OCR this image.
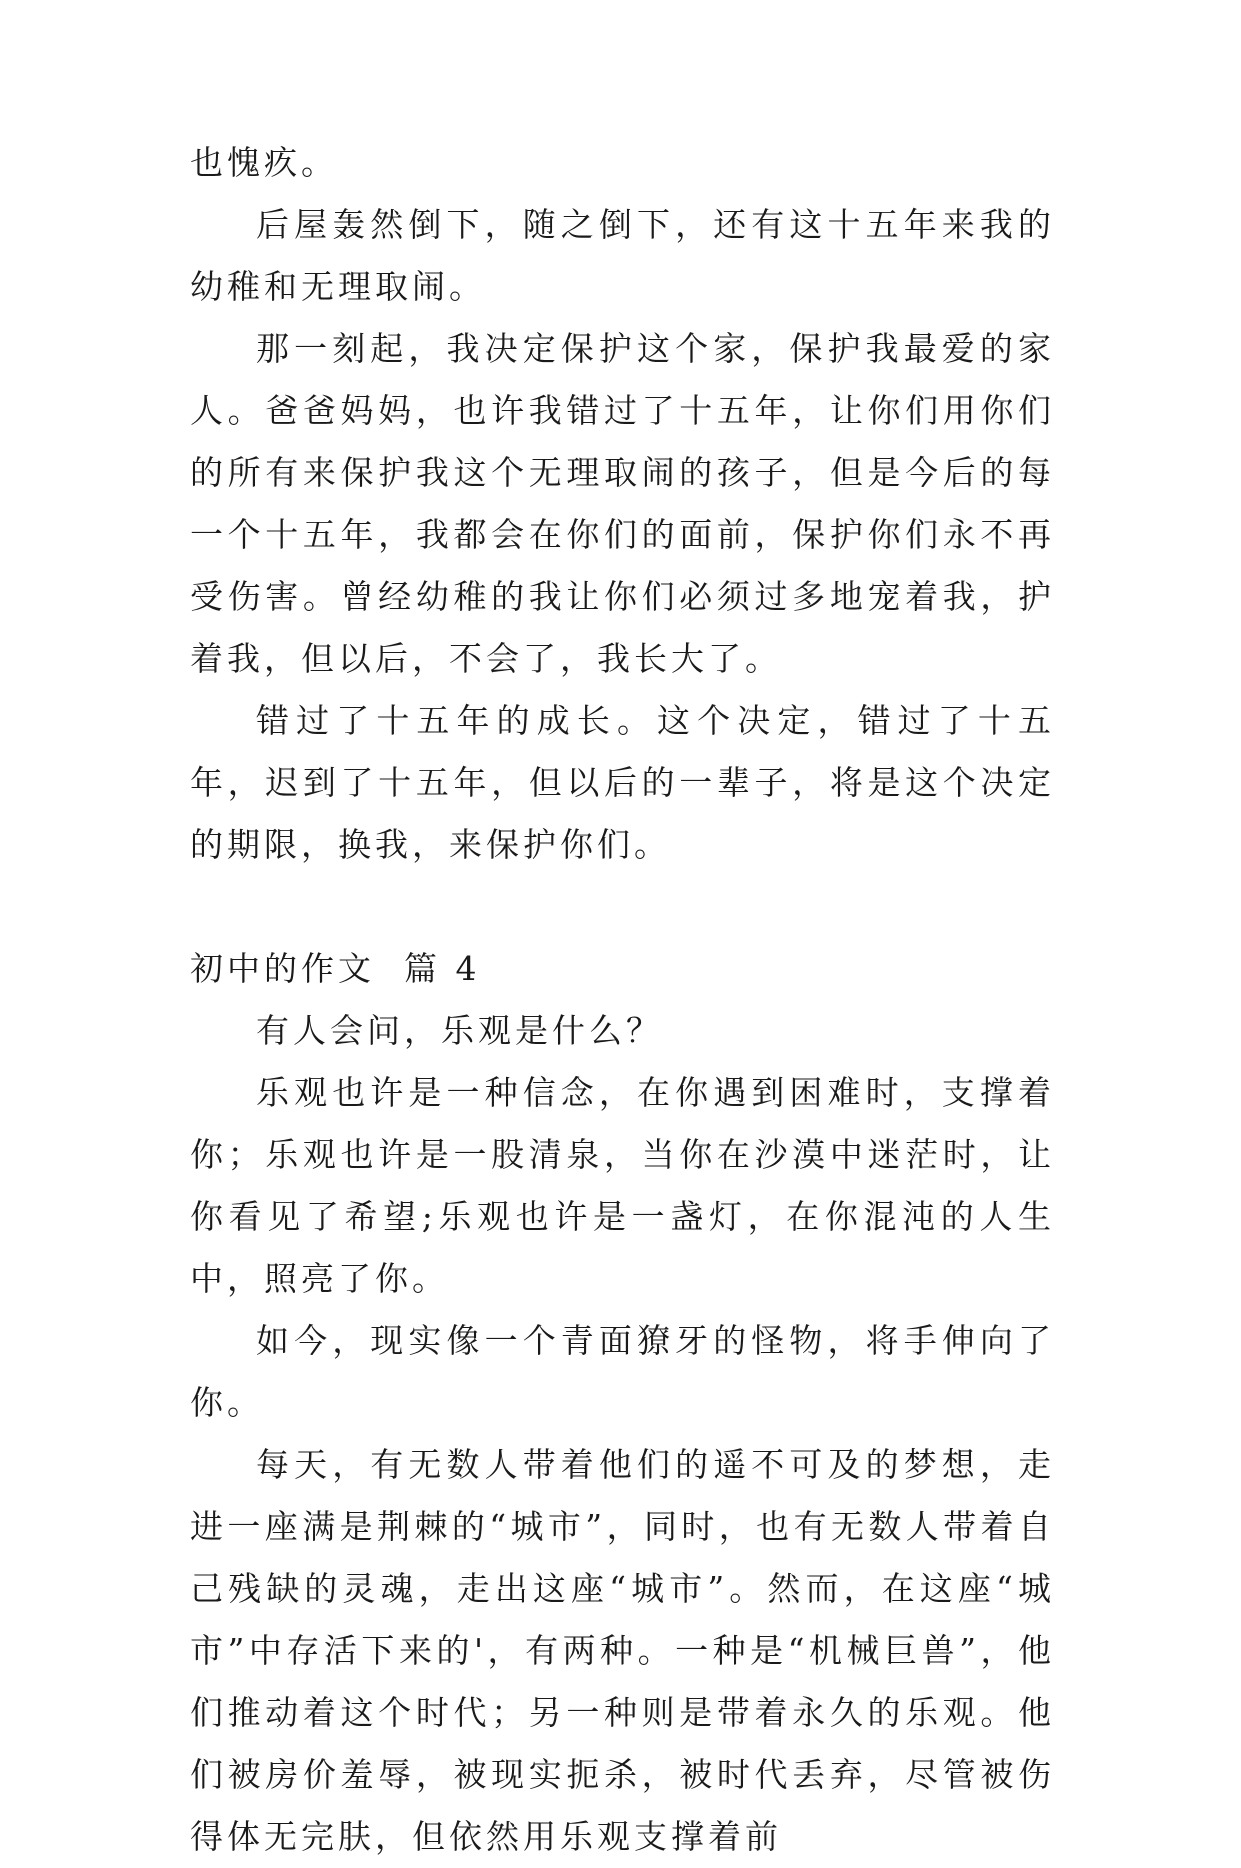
也愧疚。

后屋轰然倒下，随之倒下，还有这十五年来我的幼稚和无理取闹。

那一刻起，我决定保护这个家，保护我最爱的家人。爸爸妈妈，也许我错过了十五年，让你们用你们的所有来保护我这个无理取闹的孩子，但是今后的每一个十五年，我都会在你们的面前，保护你们永不再受伤害。曾经幼稚的我让你们必须过多地宠着我，护着我，但以后，不会了，我长大了。

错过了十五年的成长。这个决定，错过了十五年，迟到了十五年，但以后的一辈子，将是这个决定的期限，换我，来保护你们。

初中的作文  篇 4

有人会问，乐观是什么？

乐观也许是一种信念，在你遇到困难时，支撑着你；乐观也许是一股清泉，当你在沙漠中迷茫时，让你看见了希望;乐观也许是一盏灯，在你混沌的人生中，照亮了你。

如今，现实像一个青面獠牙的怪物，将手伸向了你。

每天，有无数人带着他们的遥不可及的梦想，走进一座满是荆棘的“城市”，同时，也有无数人带着自己残缺的灵魂，走出这座“城市”。然而，在这座“城市”中存活下来的'，有两种。一种是“机械巨兽”，他们推动着这个时代；另一种则是带着永久的乐观。他们被房价羞辱，被现实扼杀，被时代丢弃，尽管被伤得体无完肤，但依然用乐观支撑着前
